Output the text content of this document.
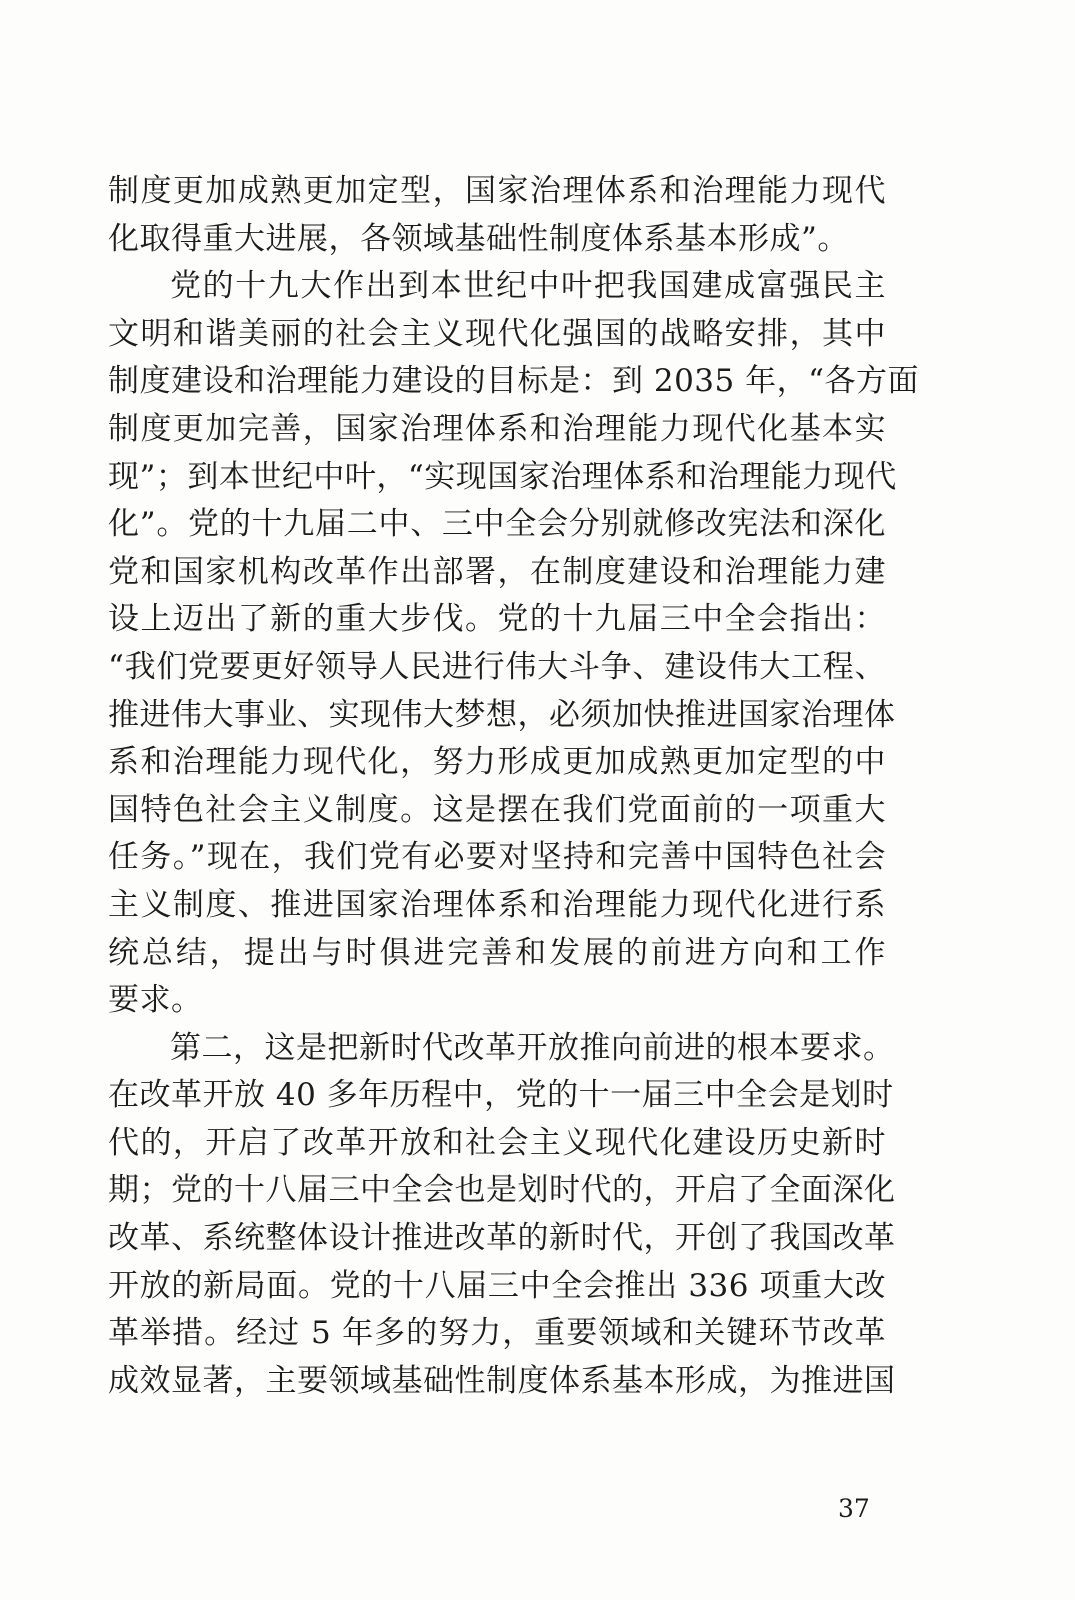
制度更加成熟更加定型，国家治理体系和治理能力现代
化取得重大进展，各领域基础性制度体系基本形成”。

党的十九大作出到本世纪中叶把我国建成富强民主
文明和谐美丽的社会主义现代化强国的战略安排，其中
制度建设和治理能力建设的目标是：到 2035 年，“各方面
制度更加完善，国家治理体系和治理能力现代化基本实
现”；到本世纪中叶，“实现国家治理体系和治理能力现代
化”。党的十九届二中、三中全会分别就修改宪法和深化
党和国家机构改革作出部署，在制度建设和治理能力建
设上迈出了新的重大步伐。党的十九届三中全会指出：
“我们党要更好领导人民进行伟大斗争、建设伟大工程、
推进伟大事业、实现伟大梦想，必须加快推进国家治理体
系和治理能力现代化，努力形成更加成熟更加定型的中
国特色社会主义制度。这是摆在我们党面前的一项重大
任务。”现在，我们党有必要对坚持和完善中国特色社会
主义制度、推进国家治理体系和治理能力现代化进行系
统总结，提出与时俱进完善和发展的前进方向和工作
要求。

第二，这是把新时代改革开放推向前进的根本要求。
在改革开放 40 多年历程中，党的十一届三中全会是划时
代的，开启了改革开放和社会主义现代化建设历史新时
期；党的十八届三中全会也是划时代的，开启了全面深化
改革、系统整体设计推进改革的新时代，开创了我国改革
开放的新局面。党的十八届三中全会推出 336 项重大改
革举措。经过 5 年多的努力，重要领域和关键环节改革
成效显著，主要领域基础性制度体系基本形成，为推进国

37
